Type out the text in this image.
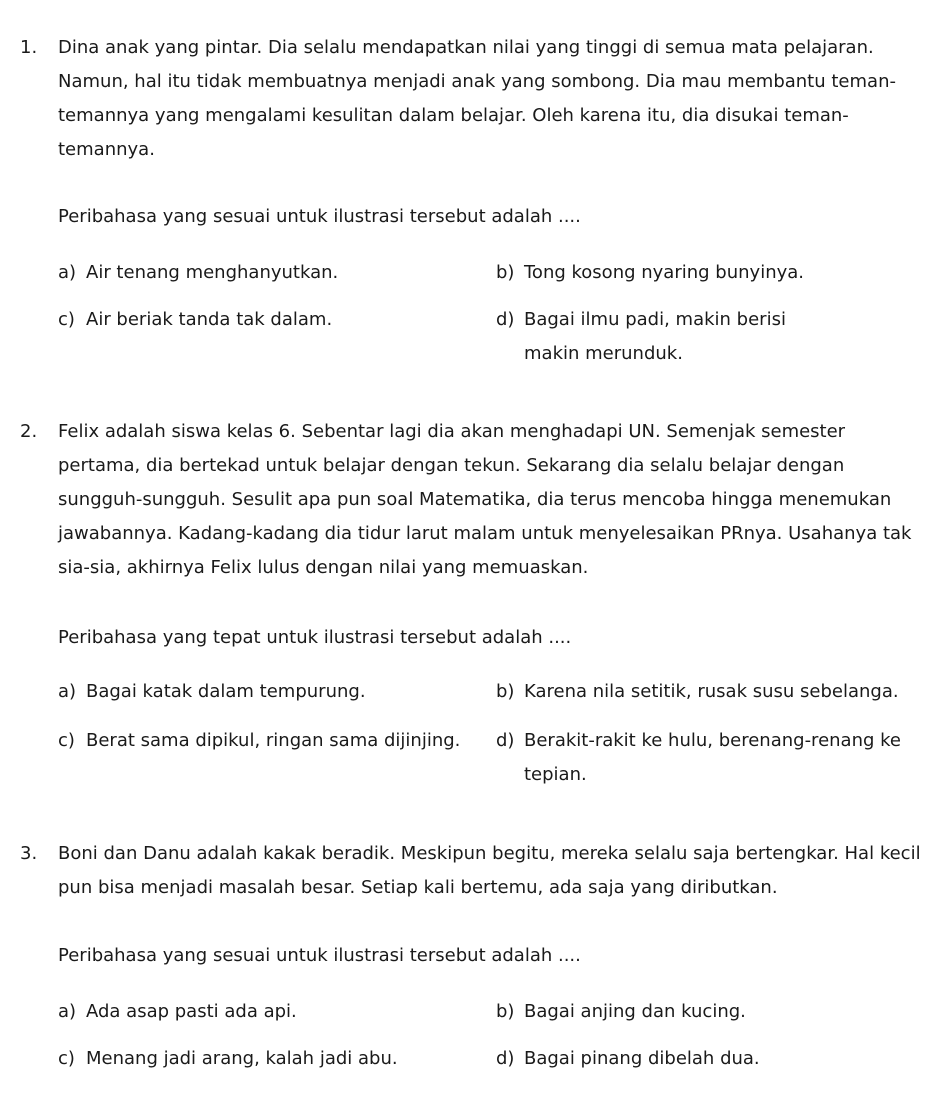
1. Dina anak yang pintar. Dia selalu mendapatkan nilai yang tinggi di semua mata pelajaran. Namun, hal itu tidak membuatnya menjadi anak yang sombong. Dia mau membantu teman-temannya yang mengalami kesulitan dalam belajar. Oleh karena itu, dia disukai teman-temannya.

Peribahasa yang sesuai untuk ilustrasi tersebut adalah ....

a) Air tenang menghanyutkan.	b) Tong kosong nyaring bunyinya.
c) Air beriak tanda tak dalam.	d) Bagai ilmu padi, makin berisi makin merunduk.
2. Felix adalah siswa kelas 6. Sebentar lagi dia akan menghadapi UN. Semenjak semester pertama, dia bertekad untuk belajar dengan tekun. Sekarang dia selalu belajar dengan sungguh-sungguh. Sesulit apa pun soal Matematika, dia terus mencoba hingga menemukan jawabannya. Kadang-kadang dia tidur larut malam untuk menyelesaikan PRnya. Usahanya tak sia-sia, akhirnya Felix lulus dengan nilai yang memuaskan.

Peribahasa yang tepat untuk ilustrasi tersebut adalah ....

a) Bagai katak dalam tempurung.	b) Karena nila setitik, rusak susu sebelanga.
c) Berat sama dipikul, ringan sama dijinjing. d) Berakit-rakit ke hulu, berenang-renang ke tepian.
3. Boni dan Danu adalah kakak beradik. Meskipun begitu, mereka selalu saja bertengkar. Hal kecil pun bisa menjadi masalah besar. Setiap kali bertemu, ada saja yang diributkan.

Peribahasa yang sesuai untuk ilustrasi tersebut adalah ....

a) Ada asap pasti ada api.	b) Bagai anjing dan kucing.
c) Menang jadi arang, kalah jadi abu.	d) Bagai pinang dibelah dua.
